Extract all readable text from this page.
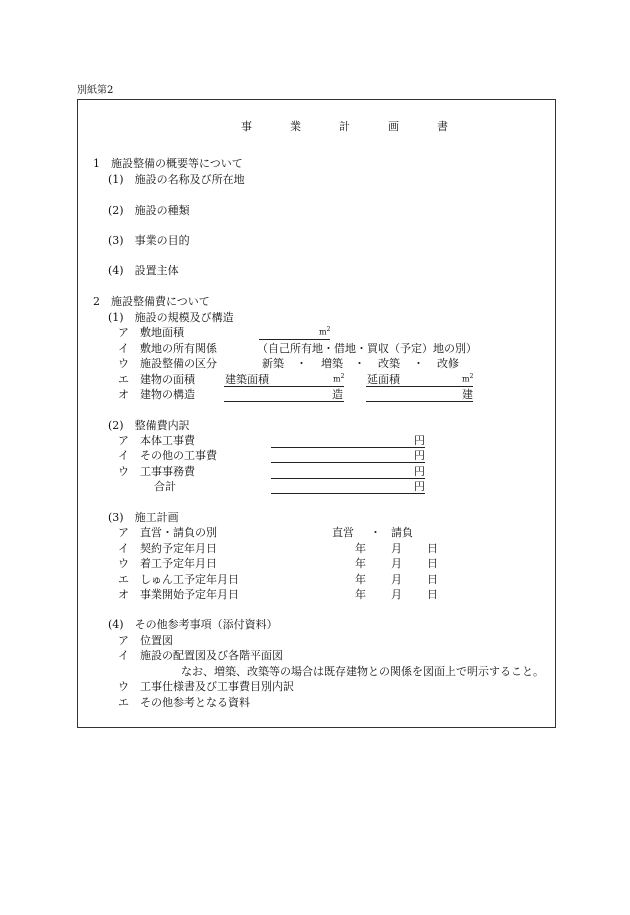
別紙第2
事	業	計	画	書
1　施設整備の概要等について
(1)　施設の名称及び所在地
(2)　施設の種類
(3)　事業の目的
(4)　設置主体
2　施設整備費について
(1)　施設の規模及び構造
ア　敷地面積	$m^2$
イ　敷地の所有関係	（自己所有地・借地・買収（予定）地の別）
ウ　施設整備の区分	新築 ・ 増築 ・ 改築 ・ 改修
エ　建物の面積	建築面積	$m^2$ 延面積	$m^2$
オ　建物の構造	造	建
(2)　整備費内訳
ア　本体工事費	円
イ　その他の工事費	円
ウ　工事事務費	円
合計	円
(3)　施工計画
ア　直営・請負の別	直営 ・ 請負
イ　契約予定年月日	年 月 日
ウ　着工予定年月日	年 月 日
エ　しゅん工予定年月日	年 月 日
オ　事業開始予定年月日	年 月 日
(4)　その他参考事項（添付資料）
ア　位置図
イ　施設の配置図及び各階平面図
なお、増築、改築等の場合は既存建物との関係を図面上で明示すること。
ウ　工事仕様書及び工事費目別内訳
エ　その他参考となる資料
